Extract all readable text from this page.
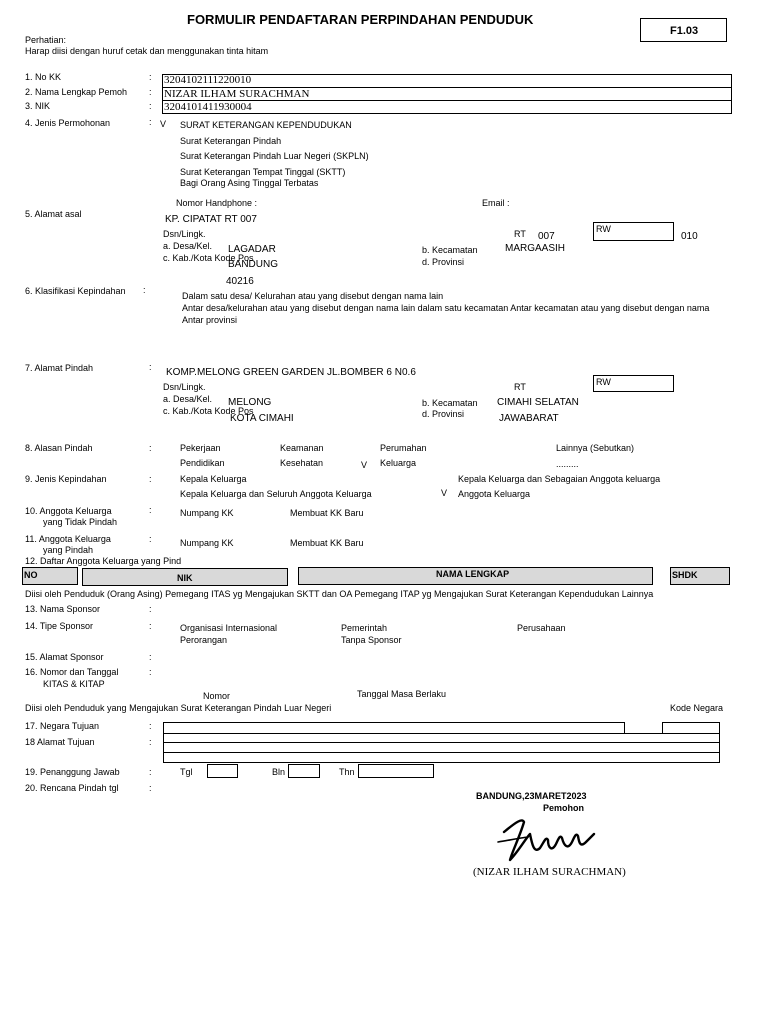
FORMULIR PENDAFTARAN PERPINDAHAN PENDUDUK
F1.03
Perhatian:
Harap diisi dengan huruf cetak dan menggunakan tinta hitam
1. No KK	: 3204102111220010
2. Nama Lengkap Pemoh : NIZAR ILHAM SURACHMAN
3. NIK	: 3204101411930004
4. Jenis Permohonan	: V SURAT KETERANGAN KEPENDUDUKAN
Surat Keterangan Pindah
Surat Keterangan Pindah Luar Negeri (SKPLN)
Surat Keterangan Tempat Tinggal (SKTT)
Bagi Orang Asing Tinggal Terbatas
5. Alamat asal
Nomor Handphone :	Email :
KP. CIPATAT RT 007
Dsn/Lingk.	RT 007
RW
010
a. Desa/Kel. LAGADAR	b. Kecamatan	MARGAASIH
c. Kab./Kota Kode Pos
BANDUNG	d. Provinsi
40216
6. Klasifikasi Kepindahan :
Dalam satu desa/ Kelurahan atau yang disebut dengan nama lain
Antar desa/kelurahan atau yang disebut dengan nama lain dalam satu kecamatan Antar kecamatan atau yang disebut dengan nama
Antar provinsi
7. Alamat Pindah	: KOMP.MELONG GREEN GARDEN JL.BOMBER 6 N0.6
Dsn/Lingk.	RT	RW
a. Desa/Kel. MELONG	b. Kecamatan CIMAHI SELATAN
c. Kab./Kota Kode Pos
KOTA CIMAHI	d. Provinsi	JAWABARAT
8. Alasan Pindah	:	Pekerjaan	Keamanan	Perumahan	Lainnya (Sebutkan)
Pendidikan	Kesehatan	V Keluarga	.........
9. Jenis Kepindahan	:	Kepala Keluarga	Kepala Keluarga dan Sebagaian Anggota keluarga
Kepala Keluarga dan Seluruh Anggota Keluarga	V Anggota Keluarga
10. Anggota Keluarga
yang Tidak Pindah
:	Numpang KK	Membuat KK Baru
11. Anggota Keluarga
yang Pindah
:	Numpang KK	Membuat KK Baru
12. Daftar Anggota Keluarga yang Pind
NO	NIK	NAMA LENGKAP	SHDK
Diisi oleh Penduduk (Orang Asing) Pemegang ITAS yg Mengajukan SKTT dan OA Pemegang ITAP yg Mengajukan Surat Keterangan Kependudukan Lainnya
13. Nama Sponsor	:
14. Tipe Sponsor	:	Organisasi Internasional	Pemerintah	Perusahaan
Perorangan	Tanpa Sponsor
15. Alamat Sponsor	:
16. Nomor dan Tanggal
KITAS & KITAP
:
Nomor	Tanggal Masa Berlaku
Diisi oleh Penduduk yang Mengajukan Surat Keterangan Pindah Luar Negeri	Kode Negara
17. Negara Tujuan	:
18 Alamat Tujuan	:
19. Penanggung Jawab	:	Tgl	Bln	Thn
20. Rencana Pindah tgl	:
BANDUNG,23MARET2023
Pemohon
(NIZAR ILHAM SURACHMAN)
